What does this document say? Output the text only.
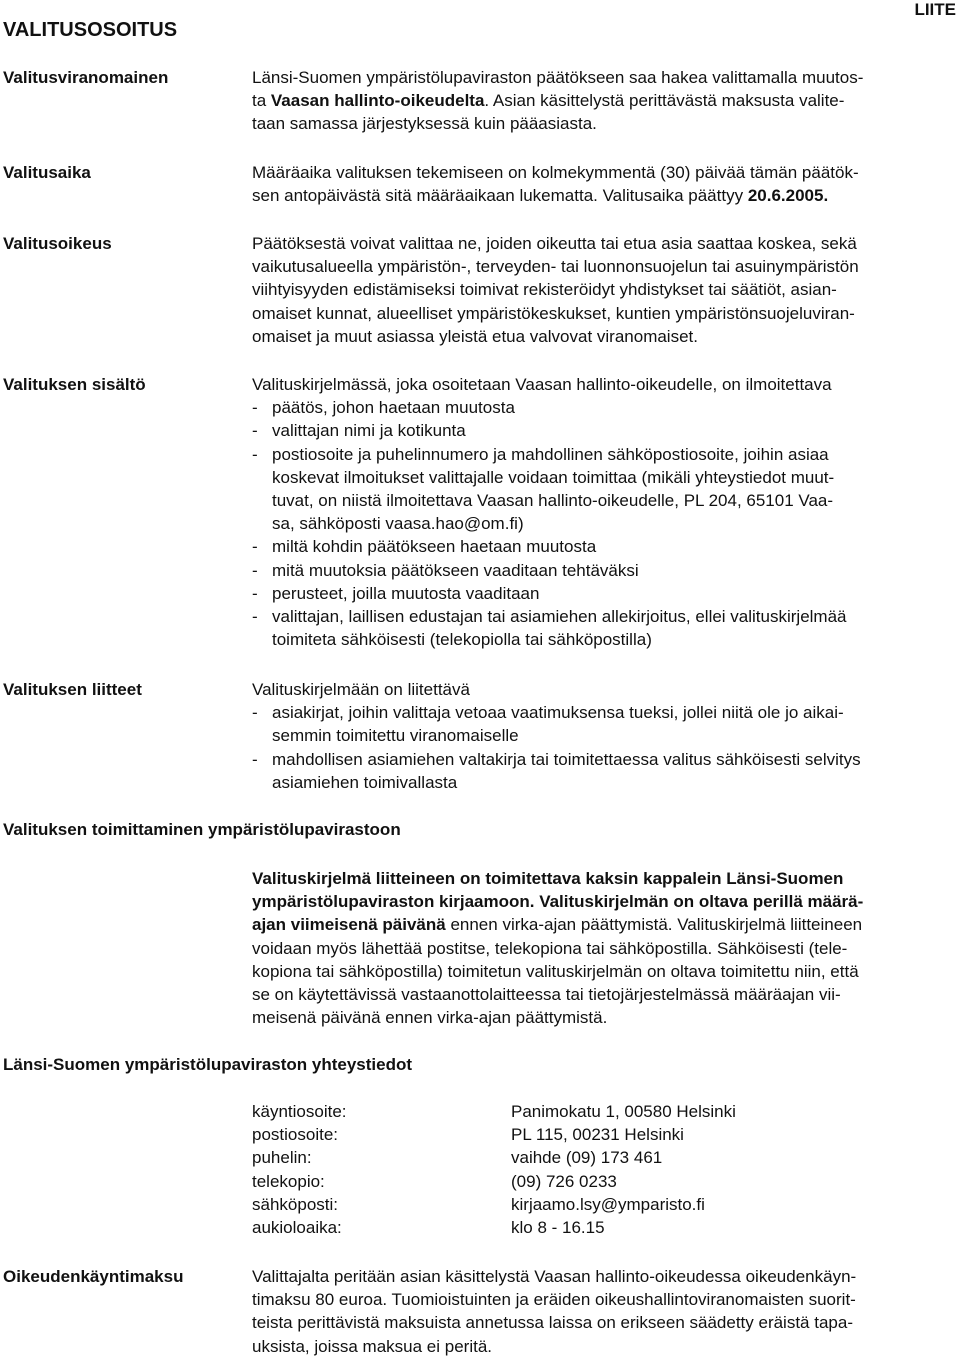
VALITUSOSOITUS
LIITE
Valitusviranomainen	Länsi-Suomen ympäristölupaviraston päätökseen saa hakea valittamalla muutos-
ta Vaasan hallinto-oikeudelta. Asian käsittelystä perittävästä maksusta valite-
taan samassa järjestyksessä kuin pääasiasta.
Valitusaika	Määräaika valituksen tekemiseen on kolmekymmentä (30) päivää tämän päätök-
sen antopäivästä sitä määräaikaan lukematta. Valitusaika päättyy 20.6.2005.
Valitusoikeus	Päätöksestä voivat valittaa ne, joiden oikeutta tai etua asia saattaa koskea, sekä
vaikutusalueella ympäristön-, terveyden- tai luonnonsuojelun tai asuinympäristön
viihtyisyyden edistämiseksi toimivat rekisteröidyt yhdistykset tai säätiöt, asian-
omaiset kunnat, alueelliset ympäristökeskukset, kuntien ympäristönsuojeluviran-
omaiset ja muut asiassa yleistä etua valvovat viranomaiset.
Valituksen sisältö	Valituskirjelmässä, joka osoitetaan Vaasan hallinto-oikeudelle, on ilmoitettava
- päätös, johon haetaan muutosta
- valittajan nimi ja kotikunta
- postiosoite ja puhelinnumero ja mahdollinen sähköpostiosoite, joihin asiaa
koskevat ilmoitukset valittajalle voidaan toimittaa (mikäli yhteystiedot muut-
tuvat, on niistä ilmoitettava Vaasan hallinto-oikeudelle, PL 204, 65101 Vaa-
sa, sähköposti vaasa.hao@om.fi)
- miltä kohdin päätökseen haetaan muutosta
- mitä muutoksia päätökseen vaaditaan tehtäväksi
- perusteet, joilla muutosta vaaditaan
- valittajan, laillisen edustajan tai asiamiehen allekirjoitus, ellei valituskirjelmää
toimiteta sähköisesti (telekopiolla tai sähköpostilla)
Valituksen liitteet	Valituskirjelmään on liitettävä
- asiakirjat, joihin valittaja vetoaa vaatimuksensa tueksi, jollei niitä ole jo aikai-
semmin toimitettu viranomaiselle
- mahdollisen asiamiehen valtakirja tai toimitettaessa valitus sähköisesti selvitys
asiamiehen toimivallasta
Valituksen toimittaminen ympäristölupavirastoon
Valituskirjelmä liitteineen on toimitettava kaksin kappalein Länsi-Suomen
ympäristölupaviraston kirjaamoon. Valituskirjelmän on oltava perillä määrä-
ajan viimeisenä päivänä ennen virka-ajan päättymistä. Valituskirjelmä liitteineen
voidaan myös lähettää postitse, telekopiona tai sähköpostilla. Sähköisesti (tele-
kopiona tai sähköpostilla) toimitetun valituskirjelmän on oltava toimitettu niin, että
se on käytettävissä vastaanottolaitteessa tai tietojärjestelmässä määräajan vii-
meisenä päivänä ennen virka-ajan päättymistä.
Länsi-Suomen ympäristölupaviraston yhteystiedot
käyntiosoite:	Panimokatu 1, 00580 Helsinki
postiosoite:	PL 115, 00231 Helsinki
puhelin:	vaihde (09) 173 461
telekopio:	(09) 726 0233
sähköposti:	kirjaamo.lsy@ymparisto.fi
aukioloaika:	klo 8 - 16.15
Oikeudenkäyntimaksu	Valittajalta peritään asian käsittelystä Vaasan hallinto-oikeudessa oikeudenkäyn-
timaksu 80 euroa. Tuomioistuinten ja eräiden oikeushallintoviranomaisten suorit-
teista perittävistä maksuista annetussa laissa on erikseen säädetty eräistä tapa-
uksista, joissa maksua ei peritä.
